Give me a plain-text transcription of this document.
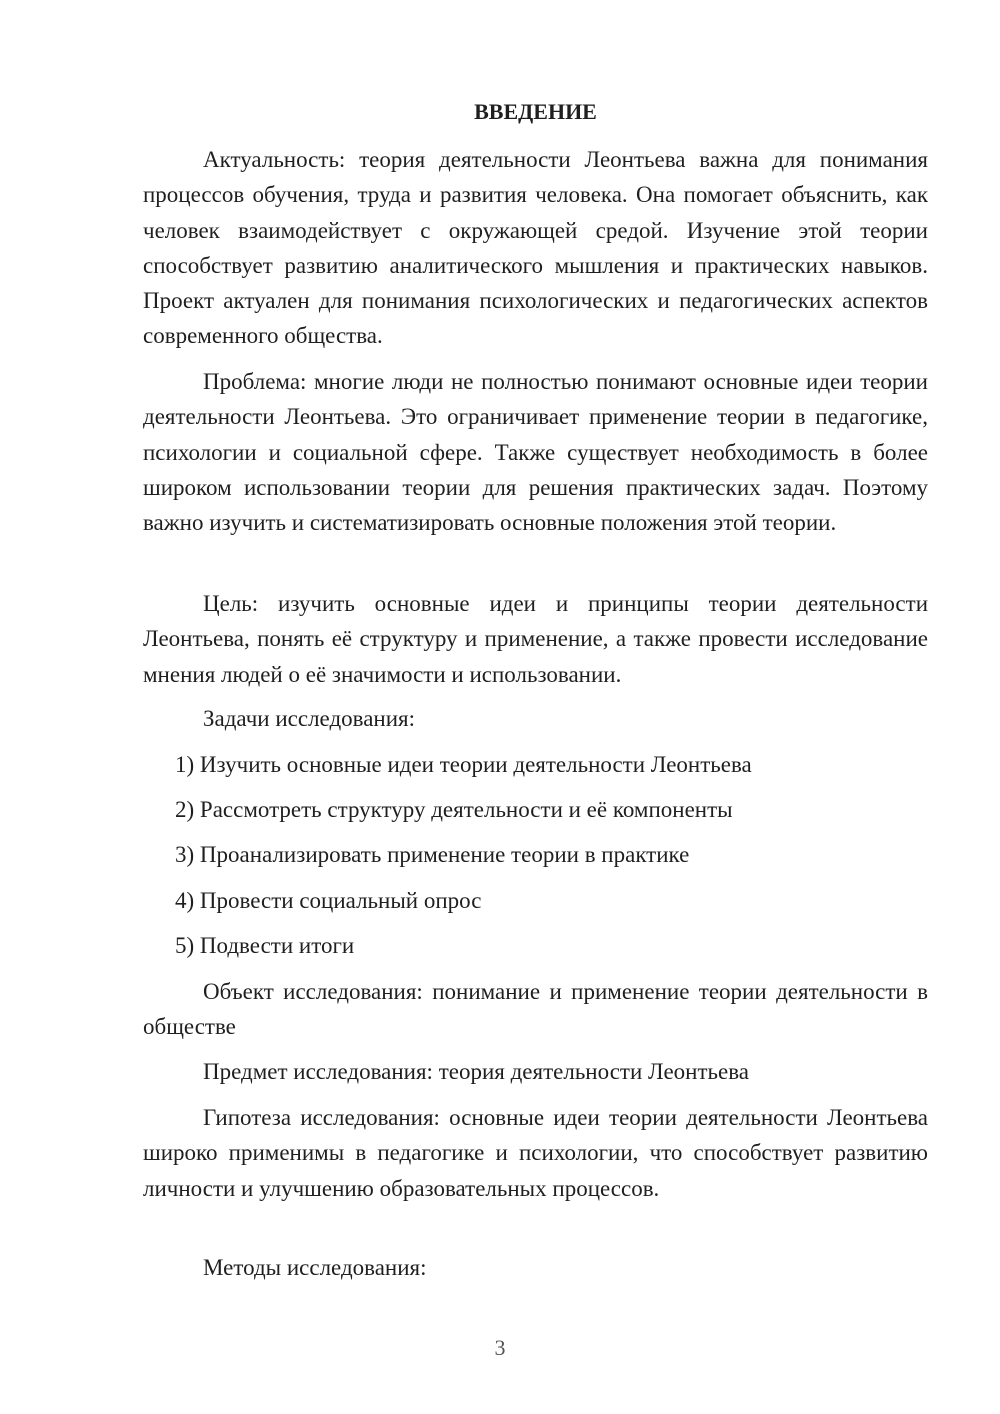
ВВЕДЕНИЕ

Актуальность: теория деятельности Леонтьева важна для понимания процессов обучения, труда и развития человека. Она помогает объяснить, как человек взаимодействует с окружающей средой. Изучение этой теории способствует развитию аналитического мышления и практических навыков. Проект актуален для понимания психологических и педагогических аспектов современного общества.

Проблема: многие люди не полностью понимают основные идеи теории деятельности Леонтьева. Это ограничивает применение теории в педагогике, психологии и социальной сфере. Также существует необходимость в более широком использовании теории для решения практических задач. Поэтому важно изучить и систематизировать основные положения этой теории.

Цель: изучить основные идеи и принципы теории деятельности Леонтьева, понять её структуру и применение, а также провести исследование мнения людей о её значимости и использовании.

Задачи исследования:

1) Изучить основные идеи теории деятельности Леонтьева

2) Рассмотреть структуру деятельности и её компоненты

3) Проанализировать применение теории в практике

4) Провести социальный опрос

5) Подвести итоги

Объект исследования: понимание и применение теории деятельности в обществе

Предмет исследования: теория деятельности Леонтьева

Гипотеза исследования: основные идеи теории деятельности Леонтьева широко применимы в педагогике и психологии, что способствует развитию личности и улучшению образовательных процессов.

Методы исследования:

3
